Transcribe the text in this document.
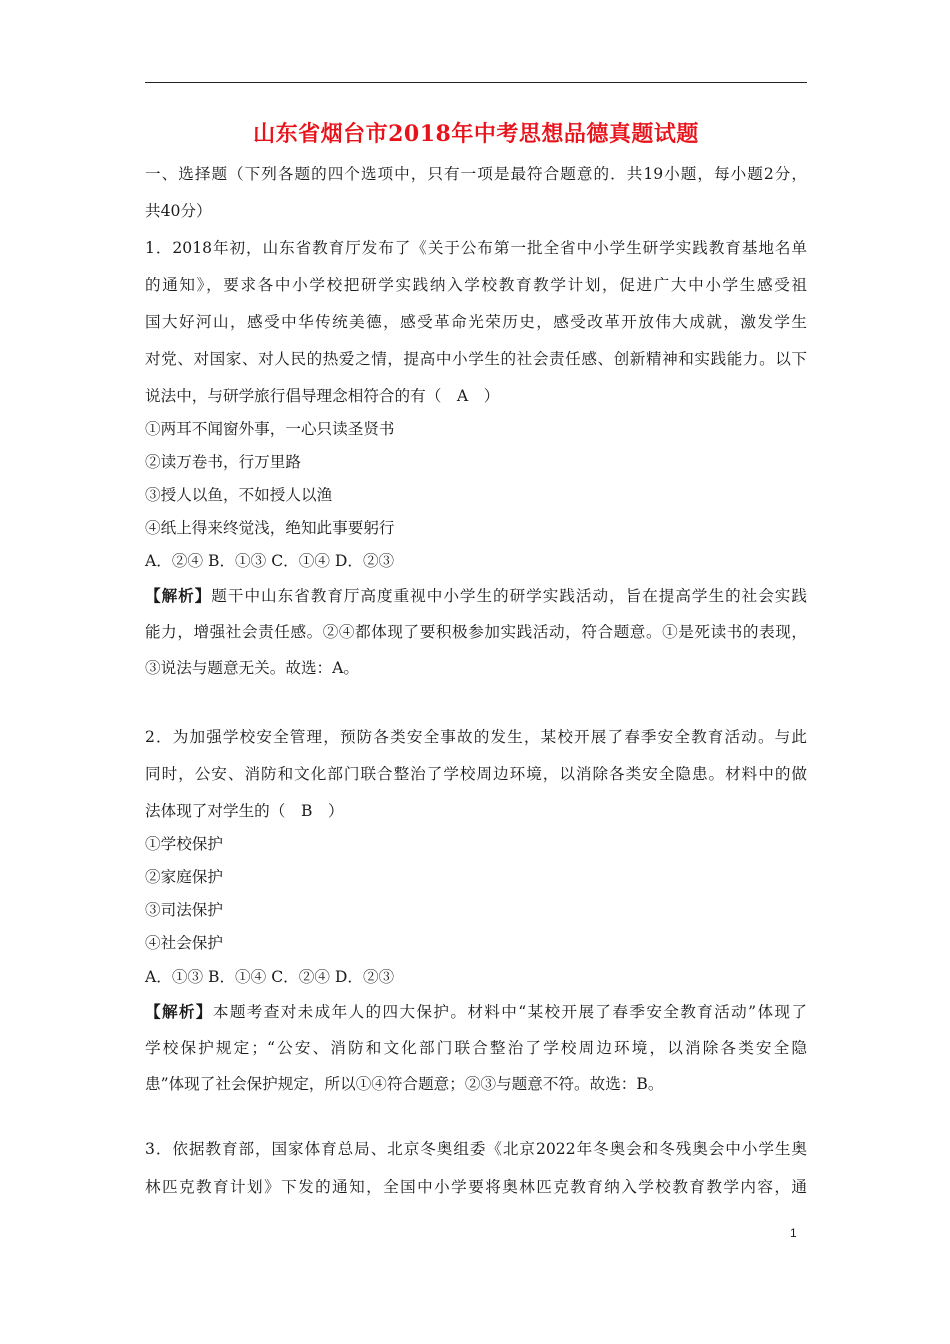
山东省烟台市2018年中考思想品德真题试题
一、选择题（下列各题的四个选项中，只有一项是最符合题意的．共19小题，每小题2分，
共40分）
1．2018年初，山东省教育厅发布了《关于公布第一批全省中小学生研学实践教育基地名单
的通知》，要求各中小学校把研学实践纳入学校教育教学计划，促进广大中小学生感受祖
国大好河山，感受中华传统美德，感受革命光荣历史，感受改革开放伟大成就，激发学生
对党、对国家、对人民的热爱之情，提高中小学生的社会责任感、创新精神和实践能力。以下
说法中，与研学旅行倡导理念相符合的有（　A　）
①两耳不闻窗外事，一心只读圣贤书
②读万卷书，行万里路
③授人以鱼，不如授人以渔
④纸上得来终觉浅，绝知此事要躬行
A．②④ B．①③ C．①④ D．②③
【解析】题干中山东省教育厅高度重视中小学生的研学实践活动，旨在提高学生的社会实践
能力，增强社会责任感。②④都体现了要积极参加实践活动，符合题意。①是死读书的表现，
③说法与题意无关。故选：A。
2．为加强学校安全管理，预防各类安全事故的发生，某校开展了春季安全教育活动。与此
同时，公安、消防和文化部门联合整治了学校周边环境，以消除各类安全隐患。材料中的做
法体现了对学生的（　B　）
①学校保护
②家庭保护
③司法保护
④社会保护
A．①③ B．①④ C．②④ D．②③
【解析】本题考查对未成年人的四大保护。材料中“某校开展了春季安全教育活动”体现了
学校保护规定；“公安、消防和文化部门联合整治了学校周边环境，以消除各类安全隐
患”体现了社会保护规定，所以①④符合题意；②③与题意不符。故选：B。
3．依据教育部，国家体育总局、北京冬奥组委《北京2022年冬奥会和冬残奥会中小学生奥
林匹克教育计划》下发的通知，全国中小学要将奥林匹克教育纳入学校教育教学内容，通
1
